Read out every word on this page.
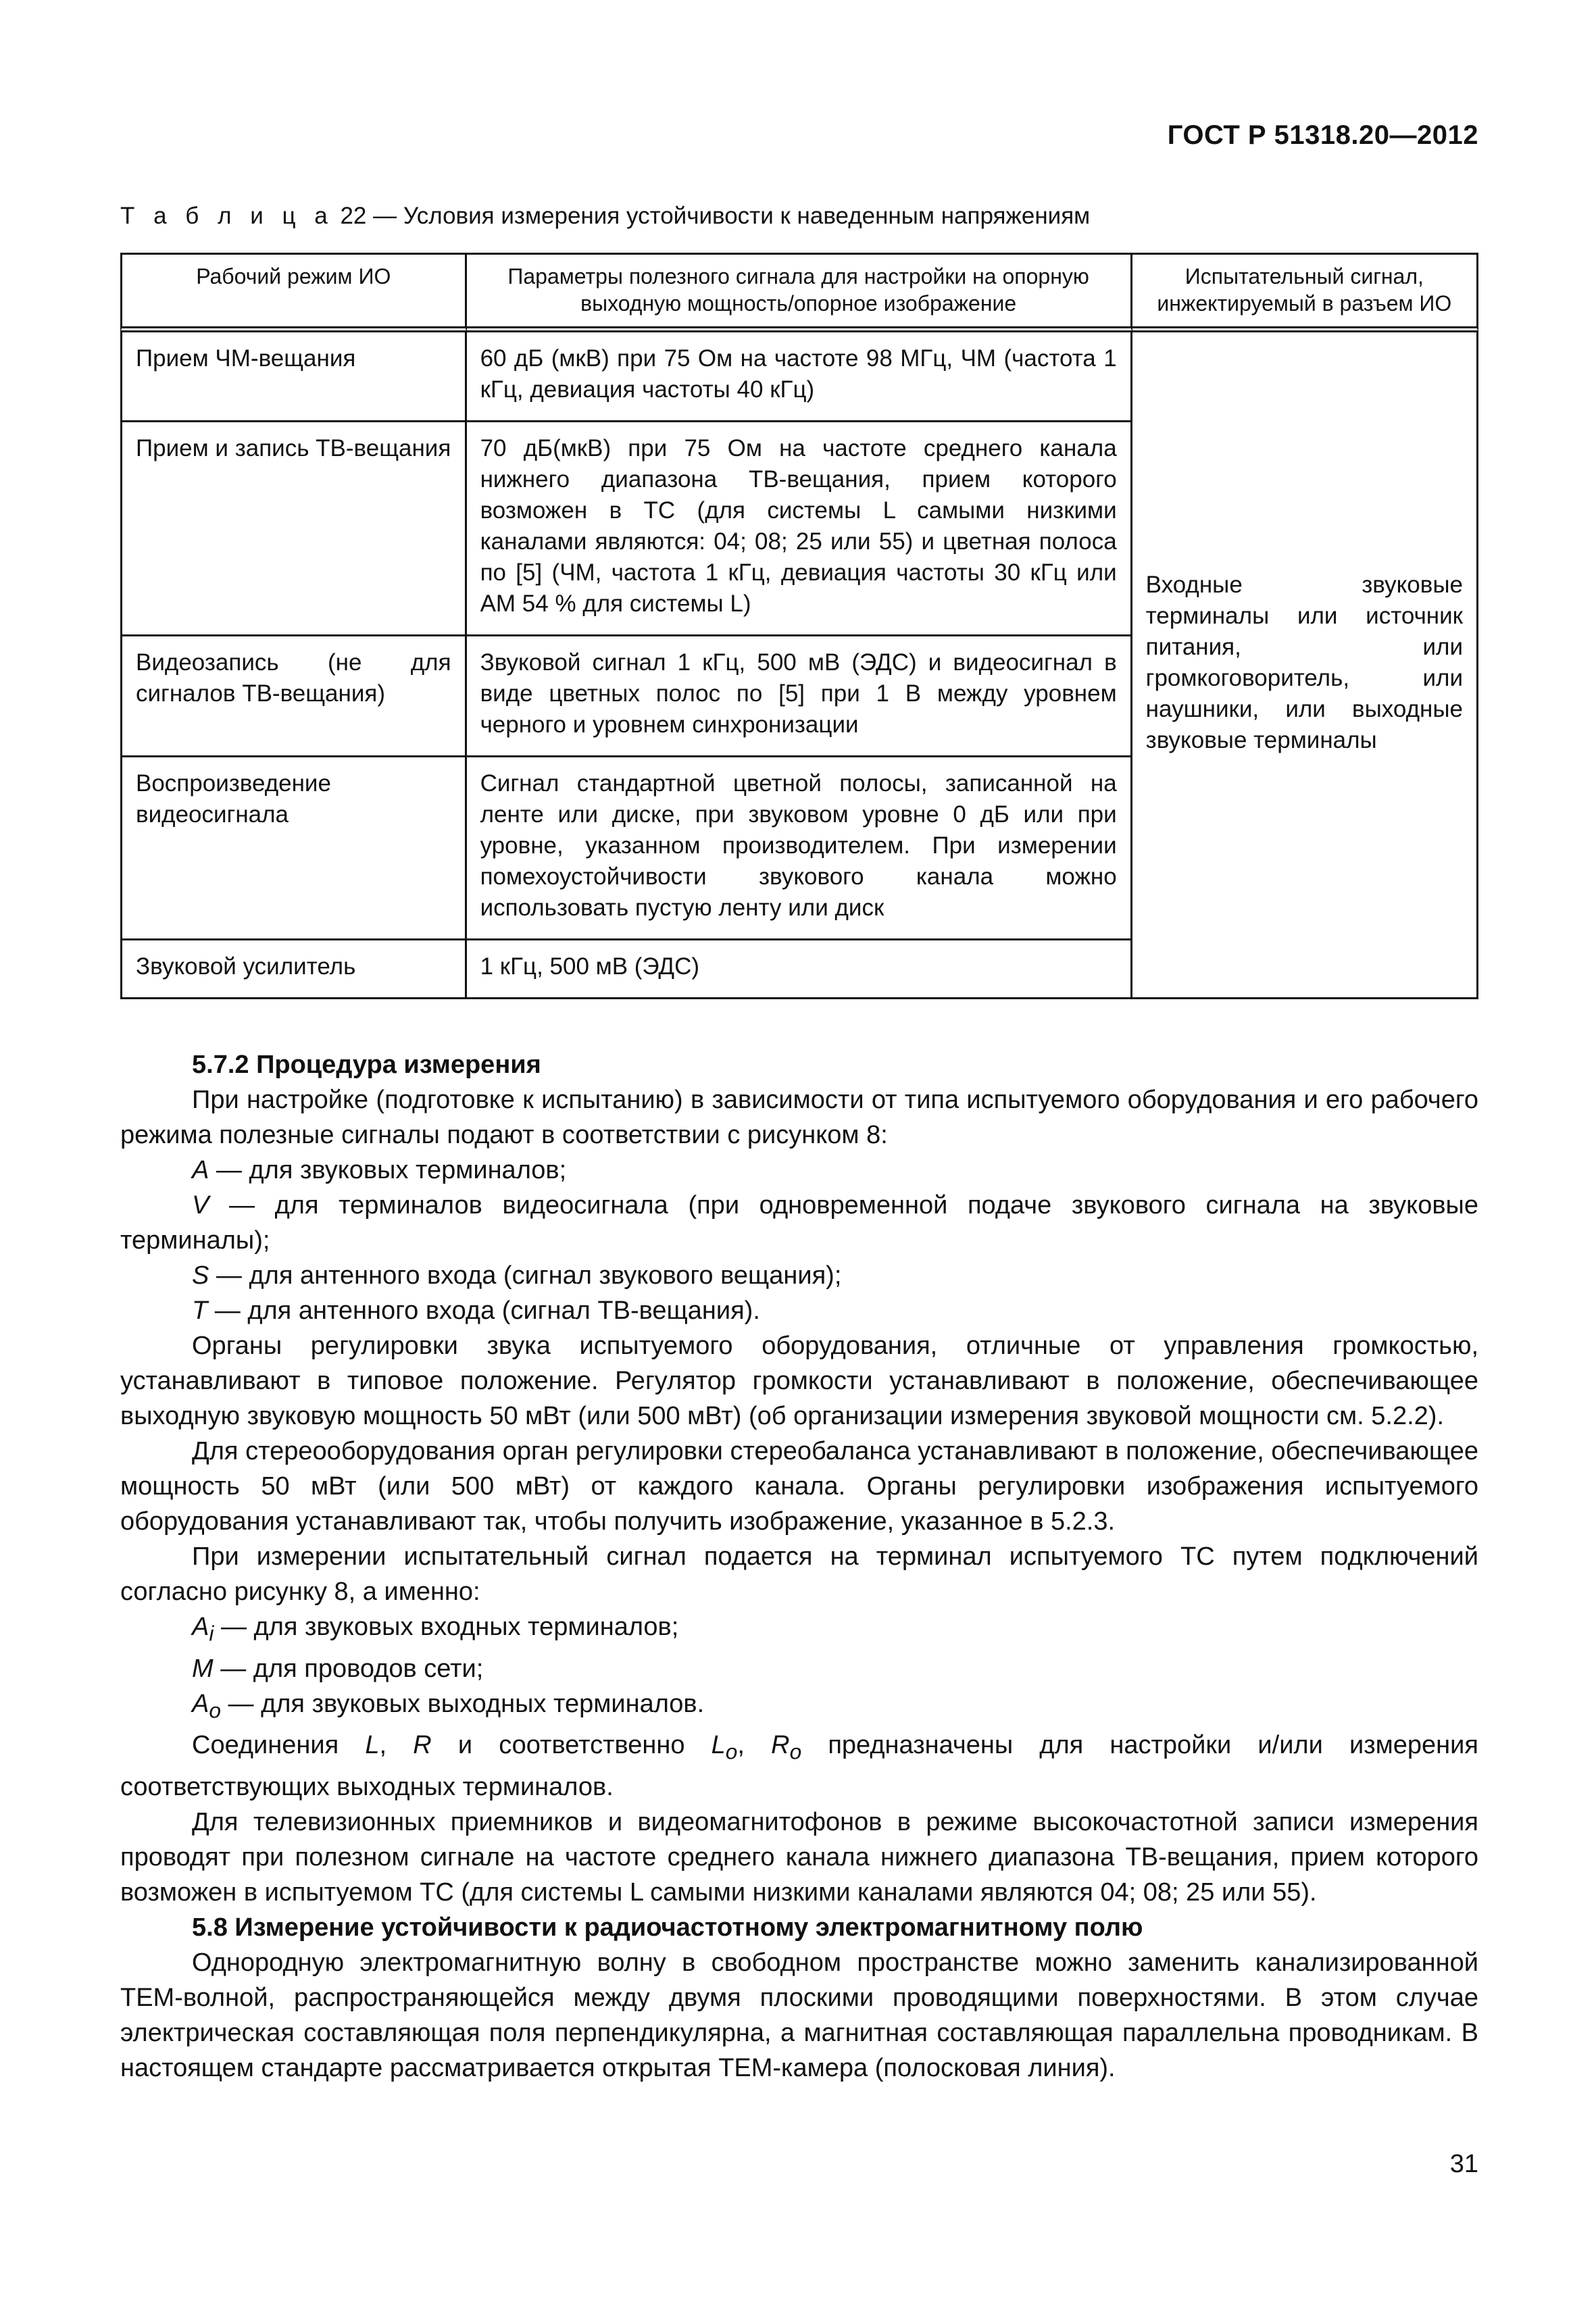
ГОСТ Р 51318.20—2012
Т а б л и ц а 22 — Условия измерения устойчивости к наведенным напряжениям
Рабочий режим ИО	Параметры полезного сигнала для настройки на опорную выходную мощность/опорное изображение	Испытательный сигнал, инжектируемый в разъем ИО
Прием ЧМ-вещания	60 дБ (мкВ) при 75 Ом на частоте 98 МГц, ЧМ (частота 1 кГц, девиация частоты 40 кГц)	Входные звуковые терминалы или источник питания, или громкоговоритель, или наушники, или выходные звуковые терминалы
Прием и запись ТВ-вещания	70 дБ(мкВ) при 75 Ом на частоте среднего канала нижнего диапазона ТВ-вещания, прием которого возможен в ТС (для системы L самыми низкими каналами являются: 04; 08; 25 или 55) и цветная полоса по [5] (ЧМ, частота 1 кГц, девиация частоты 30 кГц или АМ 54 % для системы L)	
Видеозапись (не для сигналов ТВ-вещания)	Звуковой сигнал 1 кГц, 500 мВ (ЭДС) и видеосигнал в виде цветных полос по [5] при 1 В между уровнем черного и уровнем синхронизации	
Воспроизведение видеосигнала	Сигнал стандартной цветной полосы, записанной на ленте или диске, при звуковом уровне 0 дБ или при уровне, указанном производителем. При измерении помехоустойчивости звукового канала можно использовать пустую ленту или диск	
Звуковой усилитель	1 кГц, 500 мВ (ЭДС)	

5.7.2 Процедура измерения

При настройке (подготовке к испытанию) в зависимости от типа испытуемого оборудования и его рабочего режима полезные сигналы подают в соответствии с рисунком 8:

A — для звуковых терминалов;

V — для терминалов видеосигнала (при одновременной подаче звукового сигнала на звуковые терминалы);

S — для антенного входа (сигнал звукового вещания);

T — для антенного входа (сигнал ТВ-вещания).

Органы регулировки звука испытуемого оборудования, отличные от управления громкостью, устанавливают в типовое положение. Регулятор громкости устанавливают в положение, обеспечивающее выходную звуковую мощность 50 мВт (или 500 мВт) (об организации измерения звуковой мощности см. 5.2.2).

Для стереооборудования орган регулировки стереобаланса устанавливают в положение, обеспечивающее мощность 50 мВт (или 500 мВт) от каждого канала. Органы регулировки изображения испытуемого оборудования устанавливают так, чтобы получить изображение, указанное в 5.2.3.

При измерении испытательный сигнал подается на терминал испытуемого ТС путем подключений согласно рисунку 8, а именно:

$A_i$ — для звуковых входных терминалов;

M — для проводов сети;

$A_o$ — для звуковых выходных терминалов.

Соединения L, R и соответственно $L_o$, $R_o$ предназначены для настройки и/или измерения соответствующих выходных терминалов.

Для телевизионных приемников и видеомагнитофонов в режиме высокочастотной записи измерения проводят при полезном сигнале на частоте среднего канала нижнего диапазона ТВ-вещания, прием которого возможен в испытуемом ТС (для системы L самыми низкими каналами являются 04; 08; 25 или 55).

5.8 Измерение устойчивости к радиочастотному электромагнитному полю

Однородную электромагнитную волну в свободном пространстве можно заменить канализированной ТЕМ-волной, распространяющейся между двумя плоскими проводящими поверхностями. В этом случае электрическая составляющая поля перпендикулярна, а магнитная составляющая параллельна проводникам. В настоящем стандарте рассматривается открытая ТЕМ-камера (полосковая линия).

31
